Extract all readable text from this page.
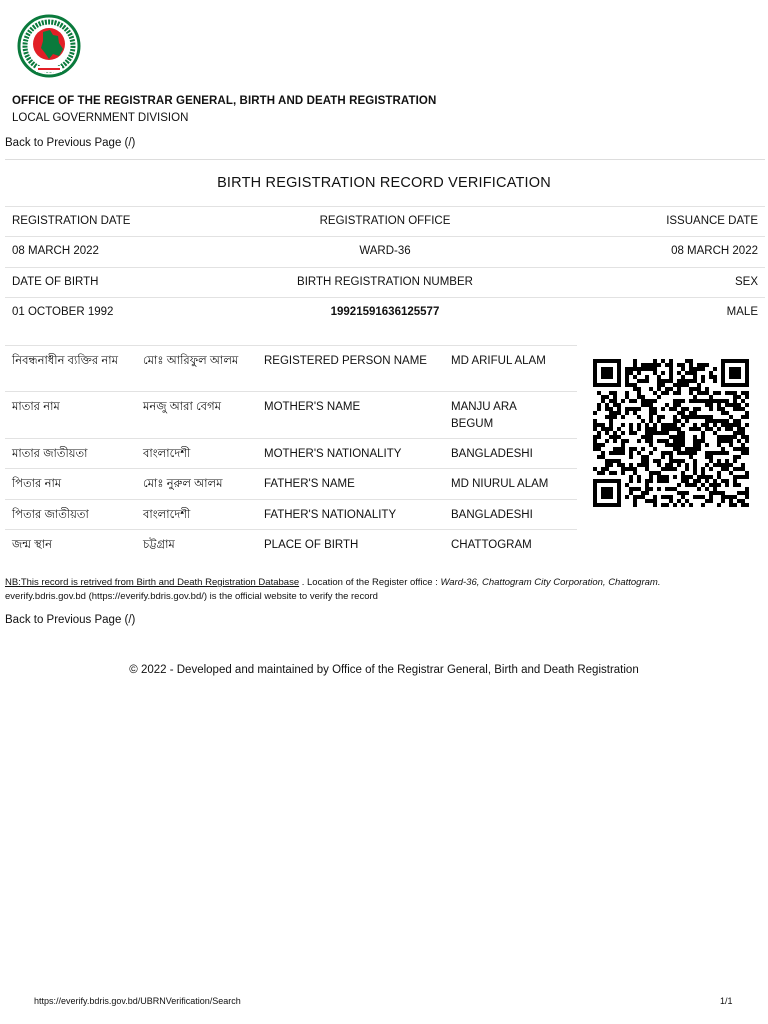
OFFICE OF THE REGISTRAR GENERAL, BIRTH AND DEATH REGISTRATION
LOCAL GOVERNMENT DIVISION
Back to Previous Page (/)
BIRTH REGISTRATION RECORD VERIFICATION
REGISTRATION DATE	REGISTRATION OFFICE	ISSUANCE DATE
08 MARCH 2022	WARD-36	08 MARCH 2022
DATE OF BIRTH	BIRTH REGISTRATION NUMBER	SEX
01 OCTOBER 1992	19921591636125577	MALE
নিবন্ধনাধীন ব্যক্তির নাম	মোঃ আরিফুল আলম	REGISTERED PERSON NAME	MD ARIFUL ALAM
মাতার নাম	মনজু আরা বেগম	MOTHER'S NAME	MANJU ARA BEGUM
মাতার জাতীয়তা	বাংলাদেশী	MOTHER'S NATIONALITY	BANGLADESHI
পিতার নাম	মোঃ নুরুল আলম	FATHER'S NAME	MD NIURUL ALAM
পিতার জাতীয়তা	বাংলাদেশী	FATHER'S NATIONALITY	BANGLADESHI
জন্ম স্থান	চট্টগ্রাম	PLACE OF BIRTH	CHATTOGRAM
NB:This record is retrived from Birth and Death Registration Database . Location of the Register office : Ward-36, Chattogram City Corporation, Chattogram.
everify.bdris.gov.bd (https://everify.bdris.gov.bd/) is the official website to verify the record
Back to Previous Page (/)
© 2022 - Developed and maintained by Office of the Registrar General, Birth and Death Registration
https://everify.bdris.gov.bd/UBRNVerification/Search	1/1
